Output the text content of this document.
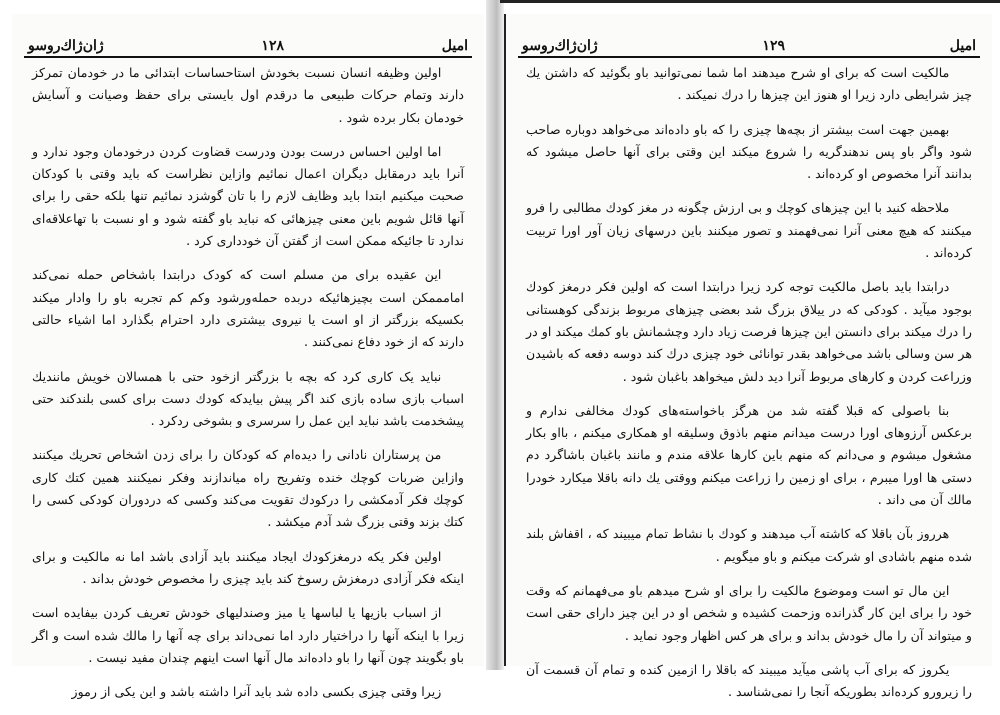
امیل
۱۲۸
ژان‌ژاك‌روسو

اولین وظیفه انسان نسبت بخودش استاحساسات ابتدائی ما در خودمان تمرکز دارند وتمام حرکات طبیعی ما درقدم اول بایستی برای حفظ وصیانت و آسایش خودمان بکار برده شود .

اما اولین احساس درست بودن ودرست قضاوت کردن درخودمان وجود ندارد و آنرا باید درمقابل دیگران اعمال نمائیم وازاین نظراست که باید وقتی با کودکان صحبت میکنیم ابتدا باید وظایف لازم را با تان گوشزد نمائیم تنها بلکه حقی را برای آنها قائل شویم باین معنی چیزهائی که نباید باو گفته شود و او نسبت با تهاعلاقه‌ای ندارد تا جائیکه ممکن است از گفتن آن خودداری کرد .

این عقیده برای من مسلم است که کودک درابتدا باشخاص حمله نمی‌کند امامممکن است بچیزهائیکه دربده حمله‌ورشود وکم کم تجربه باو را وادار میکند بکسیکه بزرگتر از او است یا نیروی بیشتری دارد احترام بگذارد اما اشیاء حالتی دارند که از خود دفاع نمی‌کنند .

نباید یک کاری کرد که بچه با بزرگتر ازخود حتی با همسالان خویش مانندیك اسباب بازی ساده بازی کند اگر پیش بیایدکه کودك دست برای کسی بلندکند حتی پیشخدمت باشد نباید این عمل را سرسری و بشوخی ردکرد .

من پرستاران نادانی را دیده‌ام که کودکان را برای زدن اشخاص تحریك میکنند وازاین ضربات کوچك خنده وتفریح راه میاندازند وفکر نمیکنند همین کتك کاری کوچك فکر آدمکشی را درکودك تقویت می‌کند وکسی که دردوران کودکی کسی را کتك بزند وقتی بزرگ شد آدم میکشد .

اولین فکر یکه درمغزکودك ایجاد میکنند باید آزادی باشد اما نه مالکیت و برای اینکه فکر آزادی درمغزش رسوخ کند باید چیزی را مخصوص خودش بداند .

از اسباب بازیها یا لباسها یا میز وصندلیهای خودش تعریف کردن بیفایده است زیرا با اینکه آنها را دراختیار دارد اما نمی‌داند برای چه آنها را مالك شده است و اگر باو بگویند چون آنها را باو داده‌اند مال آنها است اینهم چندان مفید نیست .

زیرا وقتی چیزی بکسی داده شد باید آنرا داشته باشد و این یکی از رموز

امیل
۱۲۹
ژان‌ژاك‌روسو

مالکیت است که برای او شرح میدهند اما شما نمی‌توانید باو بگوئید که داشتن یك چیز شرایطی دارد زیرا او هنوز این چیزها را درك نمیکند .

بهمین جهت است بیشتر از بچه‌ها چیزی را که باو داده‌اند می‌خواهد دوباره صاحب شود واگر باو پس ندهندگریه را شروع میکند این وقتی برای آنها حاصل میشود که بدانند آنرا مخصوص او کرده‌اند .

ملاحظه کنید با این چیزهای کوچك و بی ارزش چگونه در مغز کودك مطالبی را فرو میکنند که هیچ معنی آنرا نمی‌فهمند و تصور میکنند باین درسهای زیان آور اورا تربیت کرده‌اند .

درابتدا باید باصل مالکیت توجه کرد زیرا درابتدا است که اولین فکر درمغز کودك بوجود میآید . کودکی که در ییلاق بزرگ شد بعضی چیزهای مربوط بزندگی کوهستانی را درك میکند برای دانستن این چیزها فرصت زیاد دارد وچشمانش باو کمك میکند او در هر سن وسالی باشد می‌خواهد بقدر توانائی خود چیزی درك کند دوسه دفعه که باشیدن وزراعت کردن و کارهای مربوط آنرا دید دلش میخواهد باغبان شود .

بنا باصولی که قبلا گفته شد من هرگز باخواسته‌های کودك مخالفی ندارم و برعکس آرزوهای اورا درست میدانم منهم باذوق وسلیقه او همکاری میکنم ، بااو بکار مشغول میشوم و می‌دانم که منهم باین کارها علاقه مندم و مانند باغبان باشاگرد دم دستی ها اورا میبرم ، برای او زمین را زراعت میکنم ووقتی یك دانه باقلا میکارد خودرا مالك آن می داند .

هرروز بآن باقلا که کاشته آب میدهند و کودك با نشاط تمام میبیند که ، اقفاش بلند شده منهم باشادی او شرکت میکنم و باو میگویم .

این مال تو است وموضوع مالکیت را برای او شرح میدهم باو می‌فهمانم که وقت خود را برای این کار گذرانده وزحمت کشیده و شخص او در این چیز دارای حقی است و میتواند آن را مال خودش بداند و برای هر کس اظهار وجود نماید .

یکروز که برای آب پاشی میآید میبیند که باقلا را ازمین کنده و تمام آن قسمت آن را زیرورو کرده‌اند بطوریکه آنجا را نمی‌شناسد .
